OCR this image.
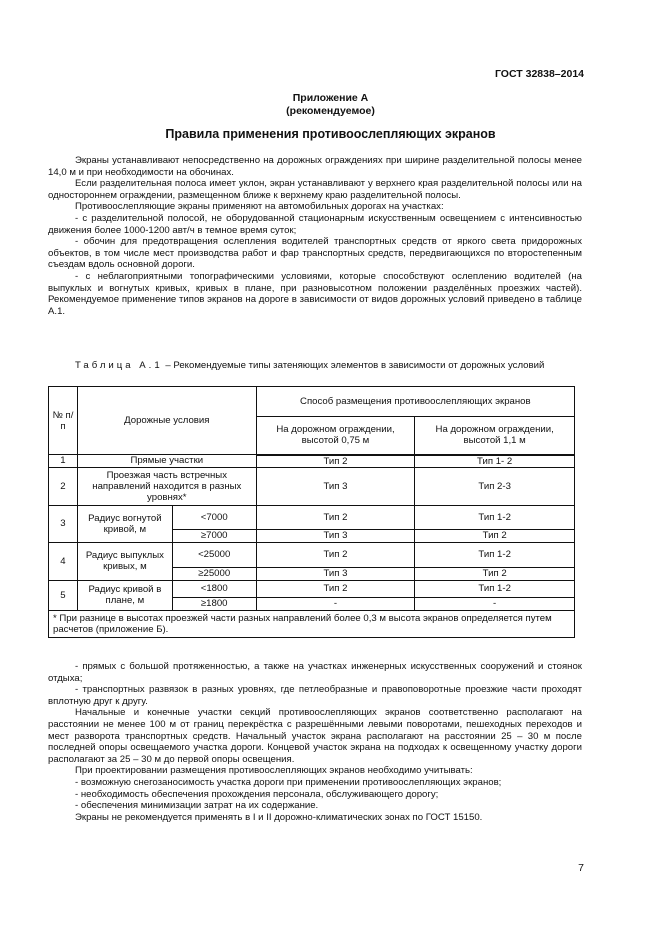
ГОСТ 32838–2014
Приложение А
(рекомендуемое)
Правила применения противоослепляющих экранов

Экраны устанавливают непосредственно на дорожных ограждениях при ширине разделительной полосы менее 14,0 м и при необходимости на обочинах.

Если разделительная полоса имеет уклон, экран устанавливают у верхнего края разделительной полосы или на одностороннем ограждении, размещенном ближе к верхнему краю разделительной полосы.

Противоослепляющие экраны применяют на автомобильных дорогах на участках:

- с разделительной полосой, не оборудованной стационарным искусственным освещением с интенсивностью движения более 1000-1200 авт/ч в темное время суток;

- обочин для предотвращения ослепления водителей транспортных средств от яркого света придорожных объектов, в том числе мест производства работ и фар транспортных средств, передвигающихся по второстепенным съездам вдоль основной дороги.

- с неблагоприятными топографическими условиями, которые способствуют ослеплению водителей (на выпуклых и вогнутых кривых, кривых в плане, при разновысотном положении разделённых проезжих частей). Рекомендуемое применение типов экранов на дороге в зависимости от видов дорожных условий приведено в таблице А.1.

Таблица А.1 – Рекомендуемые типы затеняющих элементов в зависимости от дорожных условий
№ п/п	Дорожные условия		Способ размещения противоослепляющих экранов	
			На дорожном ограждении, высотой 0,75 м	На дорожном ограждении, высотой 1,1 м
1	Прямые участки		Тип 2	Тип 1- 2
2	Проезжая часть встречных направлений находится в разных уровнях*		Тип 3	Тип 2-3
3	Радиус вогнутой кривой, м	<7000	Тип 2	Тип 1-2
		≥7000	Тип 3	Тип 2
4	Радиус выпуклых кривых, м	<25000	Тип 2	Тип 1-2
		≥25000	Тип 3	Тип 2
5	Радиус кривой в плане, м	<1800	Тип 2	Тип 1-2
		≥1800	-	-
* При разнице в высотах проезжей части разных направлений более 0,3 м высота экранов определяется путем расчетов (приложение Б).				

- прямых с большой протяженностью, а также на участках инженерных искусственных сооружений и стоянок отдыха;

- транспортных развязок в разных уровнях, где петлеобразные и правоповоротные проезжие части проходят вплотную друг к другу.

Начальные и конечные участки секций противоослепляющих экранов соответственно располагают на расстоянии не менее 100 м от границ перекрёстка с разрешёнными левыми поворотами, пешеходных переходов и мест разворота транспортных средств. Начальный участок экрана располагают на расстоянии 25 – 30 м после последней опоры освещаемого участка дороги. Концевой участок экрана на подходах к освещенному участку дороги располагают за 25 – 30 м до первой опоры освещения.

При проектировании размещения противоослепляющих экранов необходимо учитывать:

- возможную снегозаносимость участка дороги при применении противоослепляющих экранов;

- необходимость обеспечения прохождения персонала, обслуживающего дорогу;

- обеспечения минимизации затрат на их содержание.

Экраны не рекомендуется применять в I и II дорожно-климатических зонах по ГОСТ 15150.

7
